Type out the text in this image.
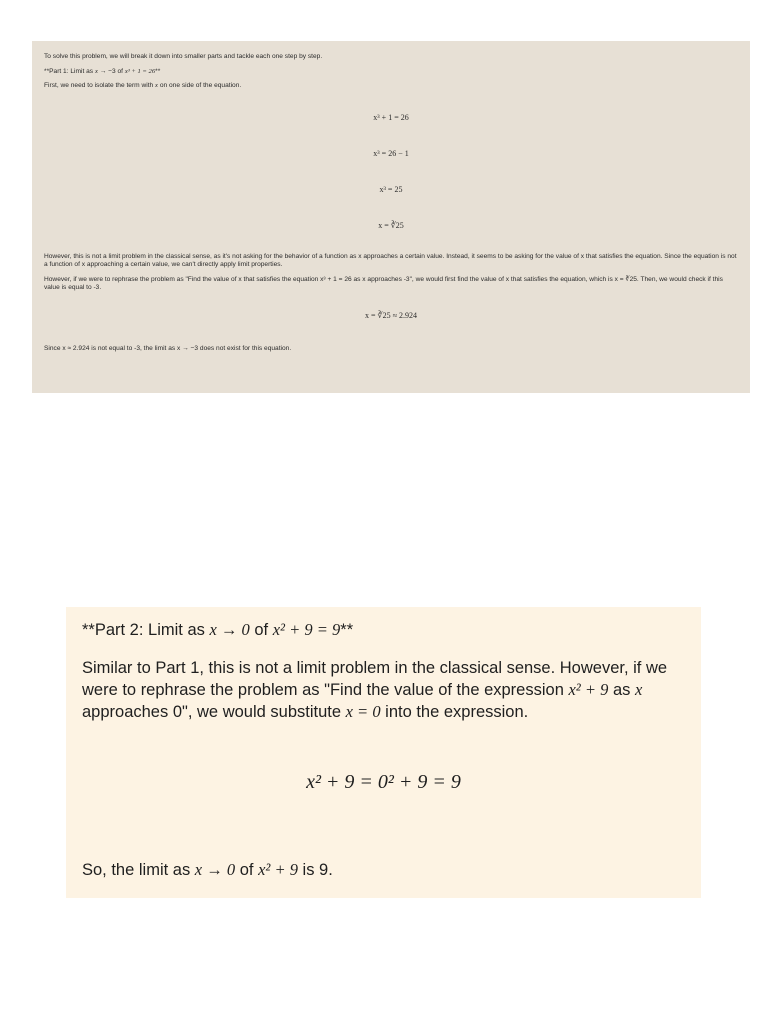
To solve this problem, we will break it down into smaller parts and tackle each one step by step.

**Part 1: Limit as x → −3 of x³ + 1 = 26**

First, we need to isolate the term with x on one side of the equation.

x³ + 1 = 26

x³ = 26 − 1

x³ = 25

x = ∛25

However, this is not a limit problem in the classical sense, as it's not asking for the behavior of a function as x approaches a certain value. Instead, it seems to be asking for the value of x that satisfies the equation. Since the equation is not a function of x approaching a certain value, we can't directly apply limit properties.

However, if we were to rephrase the problem as "Find the value of x that satisfies the equation x³ + 1 = 26 as x approaches -3", we would first find the value of x that satisfies the equation, which is x = ∛25. Then, we would check if this value is equal to -3.

x = ∛25 ≈ 2.924

Since x ≈ 2.924 is not equal to -3, the limit as x → −3 does not exist for this equation.

**Part 2: Limit as x → 0 of x² + 9 = 9**

Similar to Part 1, this is not a limit problem in the classical sense. However, if we were to rephrase the problem as "Find the value of the expression x² + 9 as x approaches 0", we would substitute x = 0 into the expression.

x² + 9 = 0² + 9 = 9

So, the limit as x → 0 of x² + 9 is 9.
